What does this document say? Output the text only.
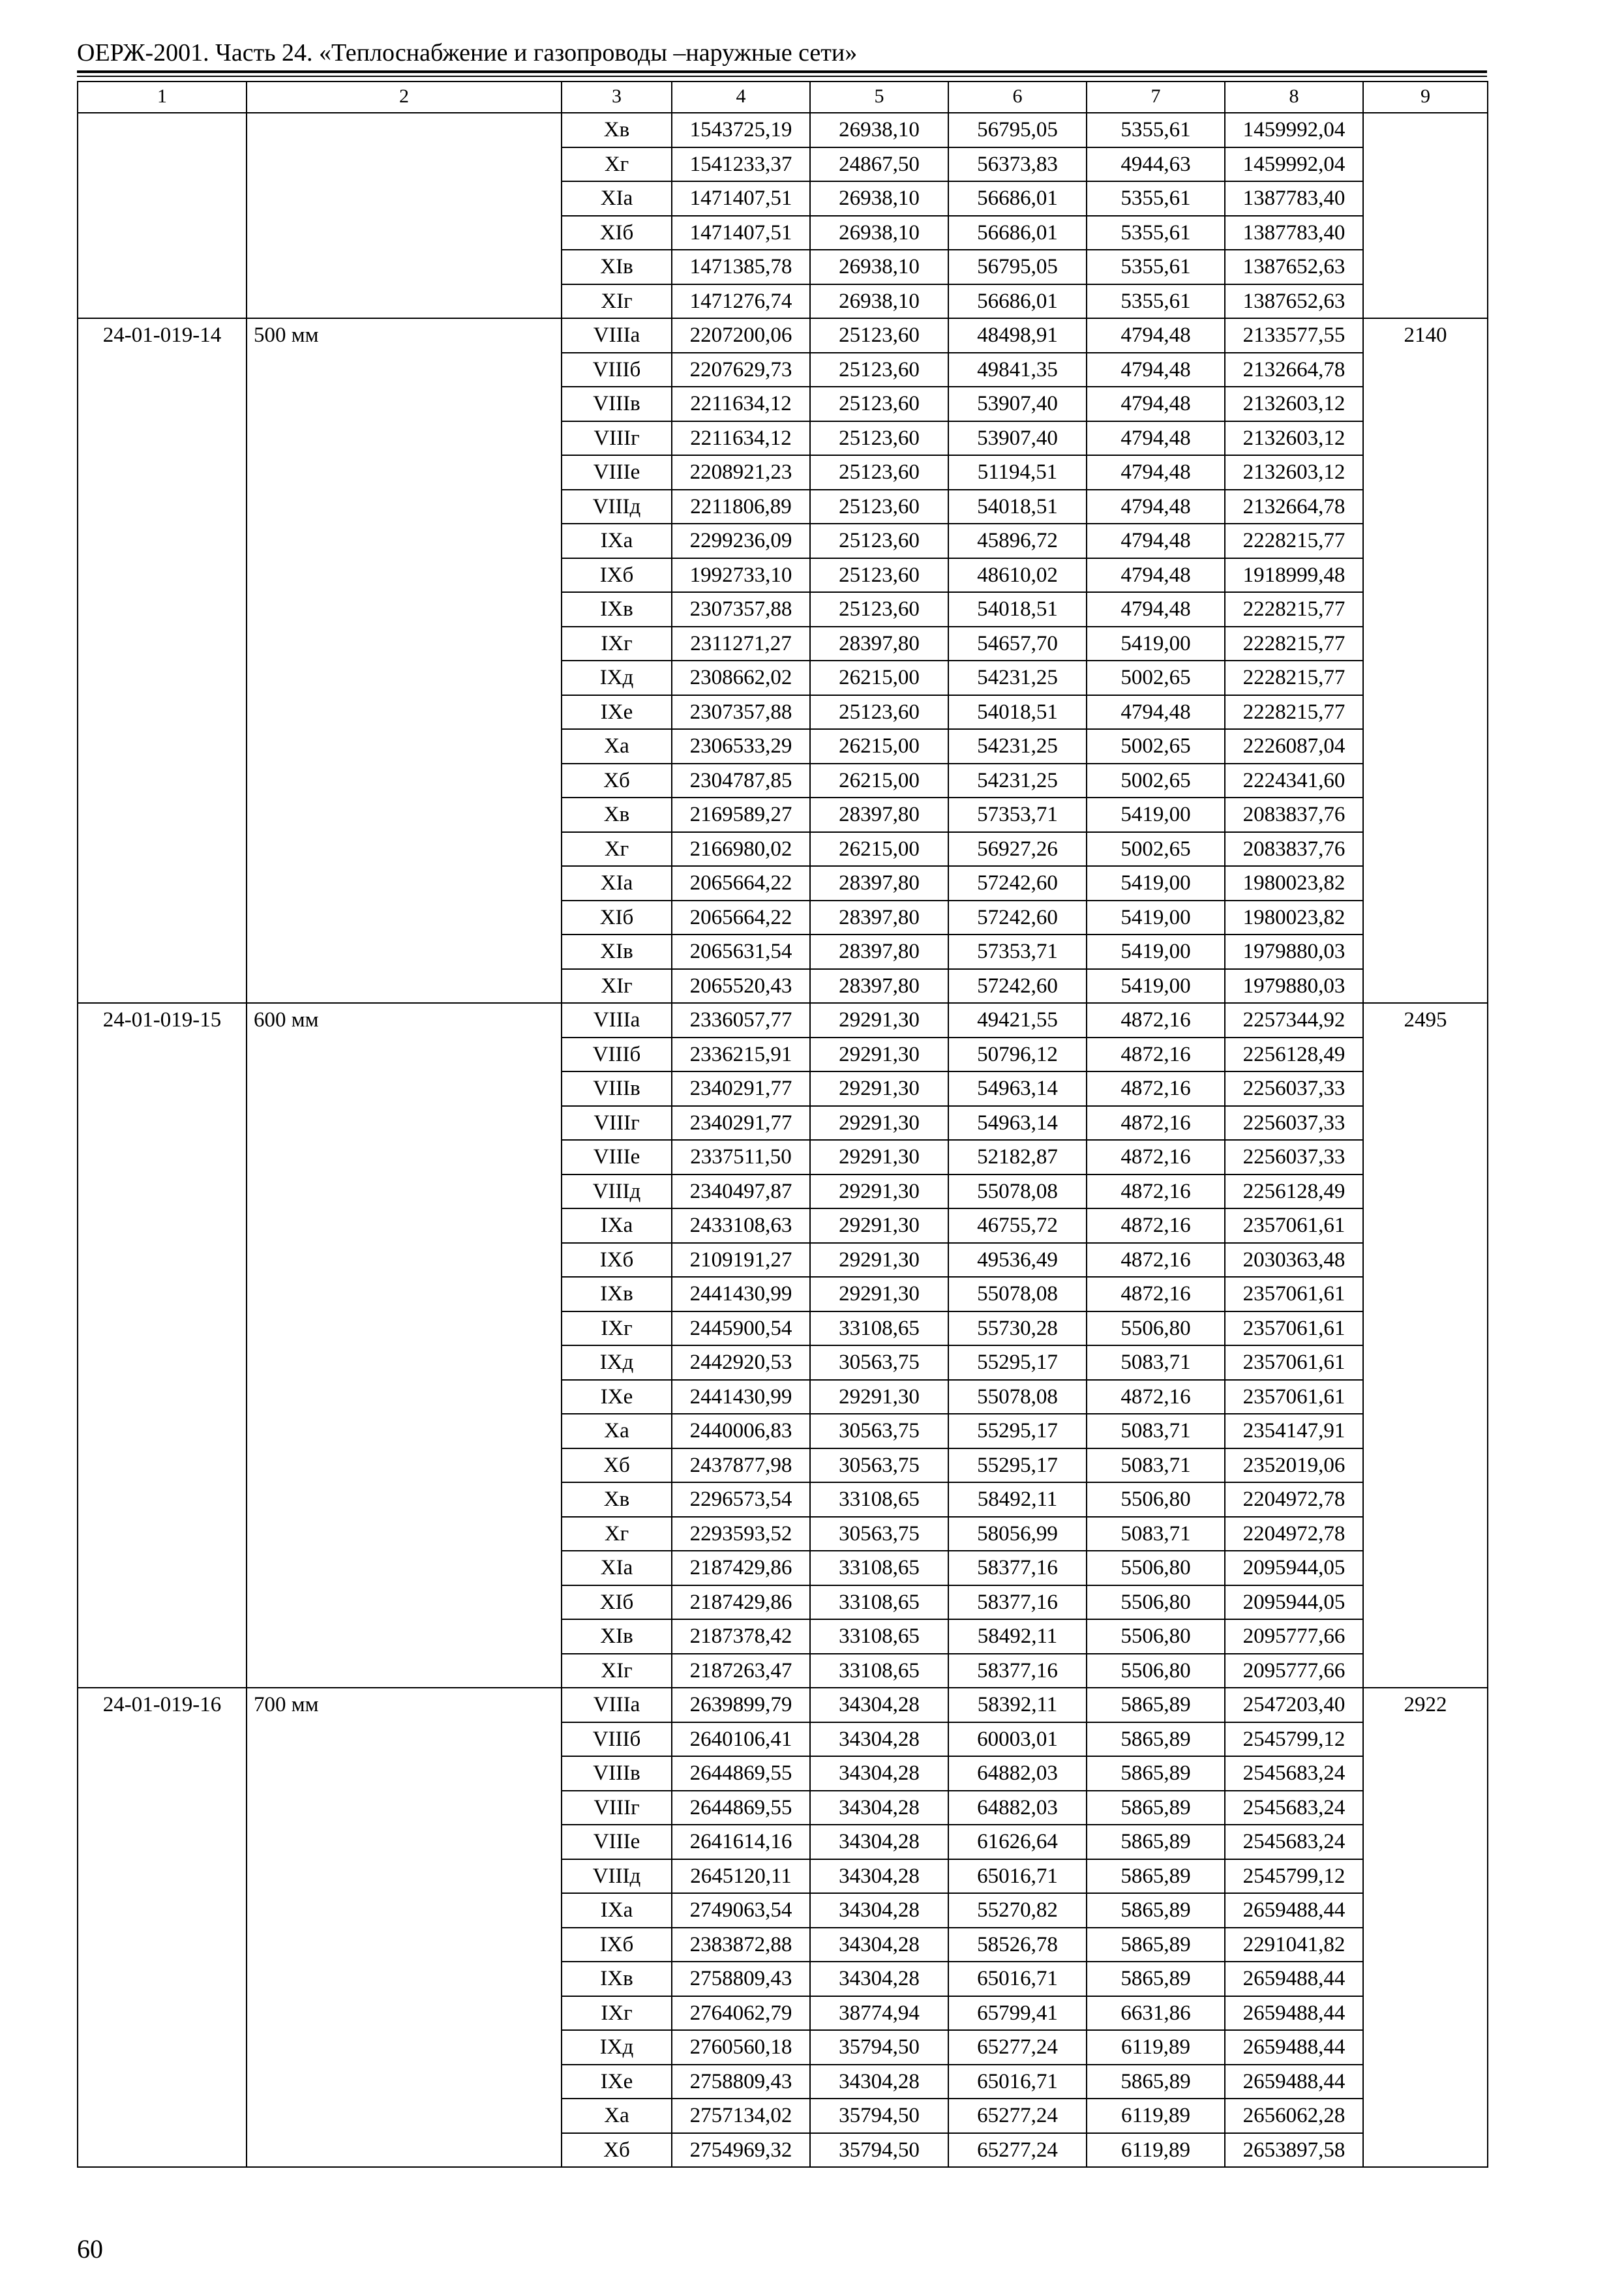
ОЕРЖ-2001. Часть 24. «Теплоснабжение и газопроводы –наружные сети»
1	2	3	4	5	6	7	8	9
		Хв	1543725,19	26938,10	56795,05	5355,61	1459992,04	
		Хг	1541233,37	24867,50	56373,83	4944,63	1459992,04	
		XIа	1471407,51	26938,10	56686,01	5355,61	1387783,40	
		XIб	1471407,51	26938,10	56686,01	5355,61	1387783,40	
		XIв	1471385,78	26938,10	56795,05	5355,61	1387652,63	
		XIг	1471276,74	26938,10	56686,01	5355,61	1387652,63	
24-01-019-14	500 мм	VIIIа	2207200,06	25123,60	48498,91	4794,48	2133577,55	2140
		VIIIб	2207629,73	25123,60	49841,35	4794,48	2132664,78	
		VIIIв	2211634,12	25123,60	53907,40	4794,48	2132603,12	
		VIIIг	2211634,12	25123,60	53907,40	4794,48	2132603,12	
		VIIIе	2208921,23	25123,60	51194,51	4794,48	2132603,12	
		VIIIд	2211806,89	25123,60	54018,51	4794,48	2132664,78	
		IХа	2299236,09	25123,60	45896,72	4794,48	2228215,77	
		IХб	1992733,10	25123,60	48610,02	4794,48	1918999,48	
		IХв	2307357,88	25123,60	54018,51	4794,48	2228215,77	
		IХг	2311271,27	28397,80	54657,70	5419,00	2228215,77	
		IХд	2308662,02	26215,00	54231,25	5002,65	2228215,77	
		IХе	2307357,88	25123,60	54018,51	4794,48	2228215,77	
		Ха	2306533,29	26215,00	54231,25	5002,65	2226087,04	
		Хб	2304787,85	26215,00	54231,25	5002,65	2224341,60	
		Хв	2169589,27	28397,80	57353,71	5419,00	2083837,76	
		Хг	2166980,02	26215,00	56927,26	5002,65	2083837,76	
		XIа	2065664,22	28397,80	57242,60	5419,00	1980023,82	
		XIб	2065664,22	28397,80	57242,60	5419,00	1980023,82	
		XIв	2065631,54	28397,80	57353,71	5419,00	1979880,03	
		XIг	2065520,43	28397,80	57242,60	5419,00	1979880,03	
24-01-019-15	600 мм	VIIIа	2336057,77	29291,30	49421,55	4872,16	2257344,92	2495
		VIIIб	2336215,91	29291,30	50796,12	4872,16	2256128,49	
		VIIIв	2340291,77	29291,30	54963,14	4872,16	2256037,33	
		VIIIг	2340291,77	29291,30	54963,14	4872,16	2256037,33	
		VIIIе	2337511,50	29291,30	52182,87	4872,16	2256037,33	
		VIIIд	2340497,87	29291,30	55078,08	4872,16	2256128,49	
		IХа	2433108,63	29291,30	46755,72	4872,16	2357061,61	
		IХб	2109191,27	29291,30	49536,49	4872,16	2030363,48	
		IХв	2441430,99	29291,30	55078,08	4872,16	2357061,61	
		IХг	2445900,54	33108,65	55730,28	5506,80	2357061,61	
		IХд	2442920,53	30563,75	55295,17	5083,71	2357061,61	
		IХе	2441430,99	29291,30	55078,08	4872,16	2357061,61	
		Ха	2440006,83	30563,75	55295,17	5083,71	2354147,91	
		Хб	2437877,98	30563,75	55295,17	5083,71	2352019,06	
		Хв	2296573,54	33108,65	58492,11	5506,80	2204972,78	
		Хг	2293593,52	30563,75	58056,99	5083,71	2204972,78	
		XIа	2187429,86	33108,65	58377,16	5506,80	2095944,05	
		XIб	2187429,86	33108,65	58377,16	5506,80	2095944,05	
		XIв	2187378,42	33108,65	58492,11	5506,80	2095777,66	
		XIг	2187263,47	33108,65	58377,16	5506,80	2095777,66	
24-01-019-16	700 мм	VIIIа	2639899,79	34304,28	58392,11	5865,89	2547203,40	2922
		VIIIб	2640106,41	34304,28	60003,01	5865,89	2545799,12	
		VIIIв	2644869,55	34304,28	64882,03	5865,89	2545683,24	
		VIIIг	2644869,55	34304,28	64882,03	5865,89	2545683,24	
		VIIIе	2641614,16	34304,28	61626,64	5865,89	2545683,24	
		VIIIд	2645120,11	34304,28	65016,71	5865,89	2545799,12	
		IХа	2749063,54	34304,28	55270,82	5865,89	2659488,44	
		IХб	2383872,88	34304,28	58526,78	5865,89	2291041,82	
		IХв	2758809,43	34304,28	65016,71	5865,89	2659488,44	
		IХг	2764062,79	38774,94	65799,41	6631,86	2659488,44	
		IХд	2760560,18	35794,50	65277,24	6119,89	2659488,44	
		IХе	2758809,43	34304,28	65016,71	5865,89	2659488,44	
		Ха	2757134,02	35794,50	65277,24	6119,89	2656062,28	
		Хб	2754969,32	35794,50	65277,24	6119,89	2653897,58	
60
